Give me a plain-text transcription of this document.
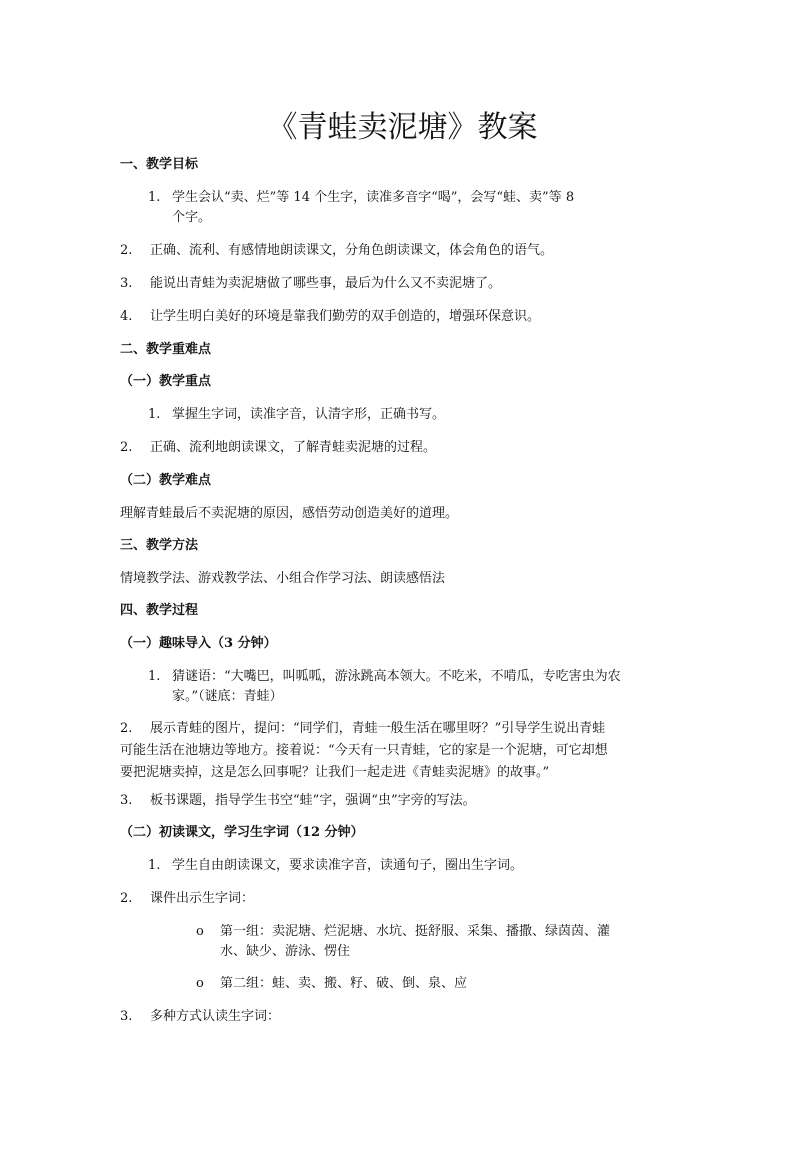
《青蛙卖泥塘》教案
一、教学目标
1. 学生会认“卖、烂”等 14 个生字，读准多音字“喝”，会写“蛙、卖”等 8
个字。
2. 正确、流利、有感情地朗读课文，分角色朗读课文，体会角色的语气。
3. 能说出青蛙为卖泥塘做了哪些事，最后为什么又不卖泥塘了。
4. 让学生明白美好的环境是靠我们勤劳的双手创造的，增强环保意识。
二、教学重难点
（一）教学重点
1. 掌握生字词，读准字音，认清字形，正确书写。
2. 正确、流利地朗读课文，了解青蛙卖泥塘的过程。
（二）教学难点
理解青蛙最后不卖泥塘的原因，感悟劳动创造美好的道理。
三、教学方法
情境教学法、游戏教学法、小组合作学习法、朗读感悟法
四、教学过程
（一）趣味导入（3 分钟）
1. 猜谜语：“大嘴巴，叫呱呱，游泳跳高本领大。不吃米，不啃瓜，专吃害虫为农
家。”（谜底：青蛙）
2. 展示青蛙的图片，提问：“同学们，青蛙一般生活在哪里呀？”引导学生说出青蛙
可能生活在池塘边等地方。接着说：“今天有一只青蛙，它的家是一个泥塘，可它却想
要把泥塘卖掉，这是怎么回事呢？让我们一起走进《青蛙卖泥塘》的故事。”
3. 板书课题，指导学生书空“蛙”字，强调“虫”字旁的写法。
（二）初读课文，学习生字词（12 分钟）
1. 学生自由朗读课文，要求读准字音，读通句子，圈出生字词。
2. 课件出示生字词：
o 第一组：卖泥塘、烂泥塘、水坑、挺舒服、采集、播撒、绿茵茵、灌
水、缺少、游泳、愣住
o 第二组：蛙、卖、搬、籽、破、倒、泉、应
3. 多种方式认读生字词：
